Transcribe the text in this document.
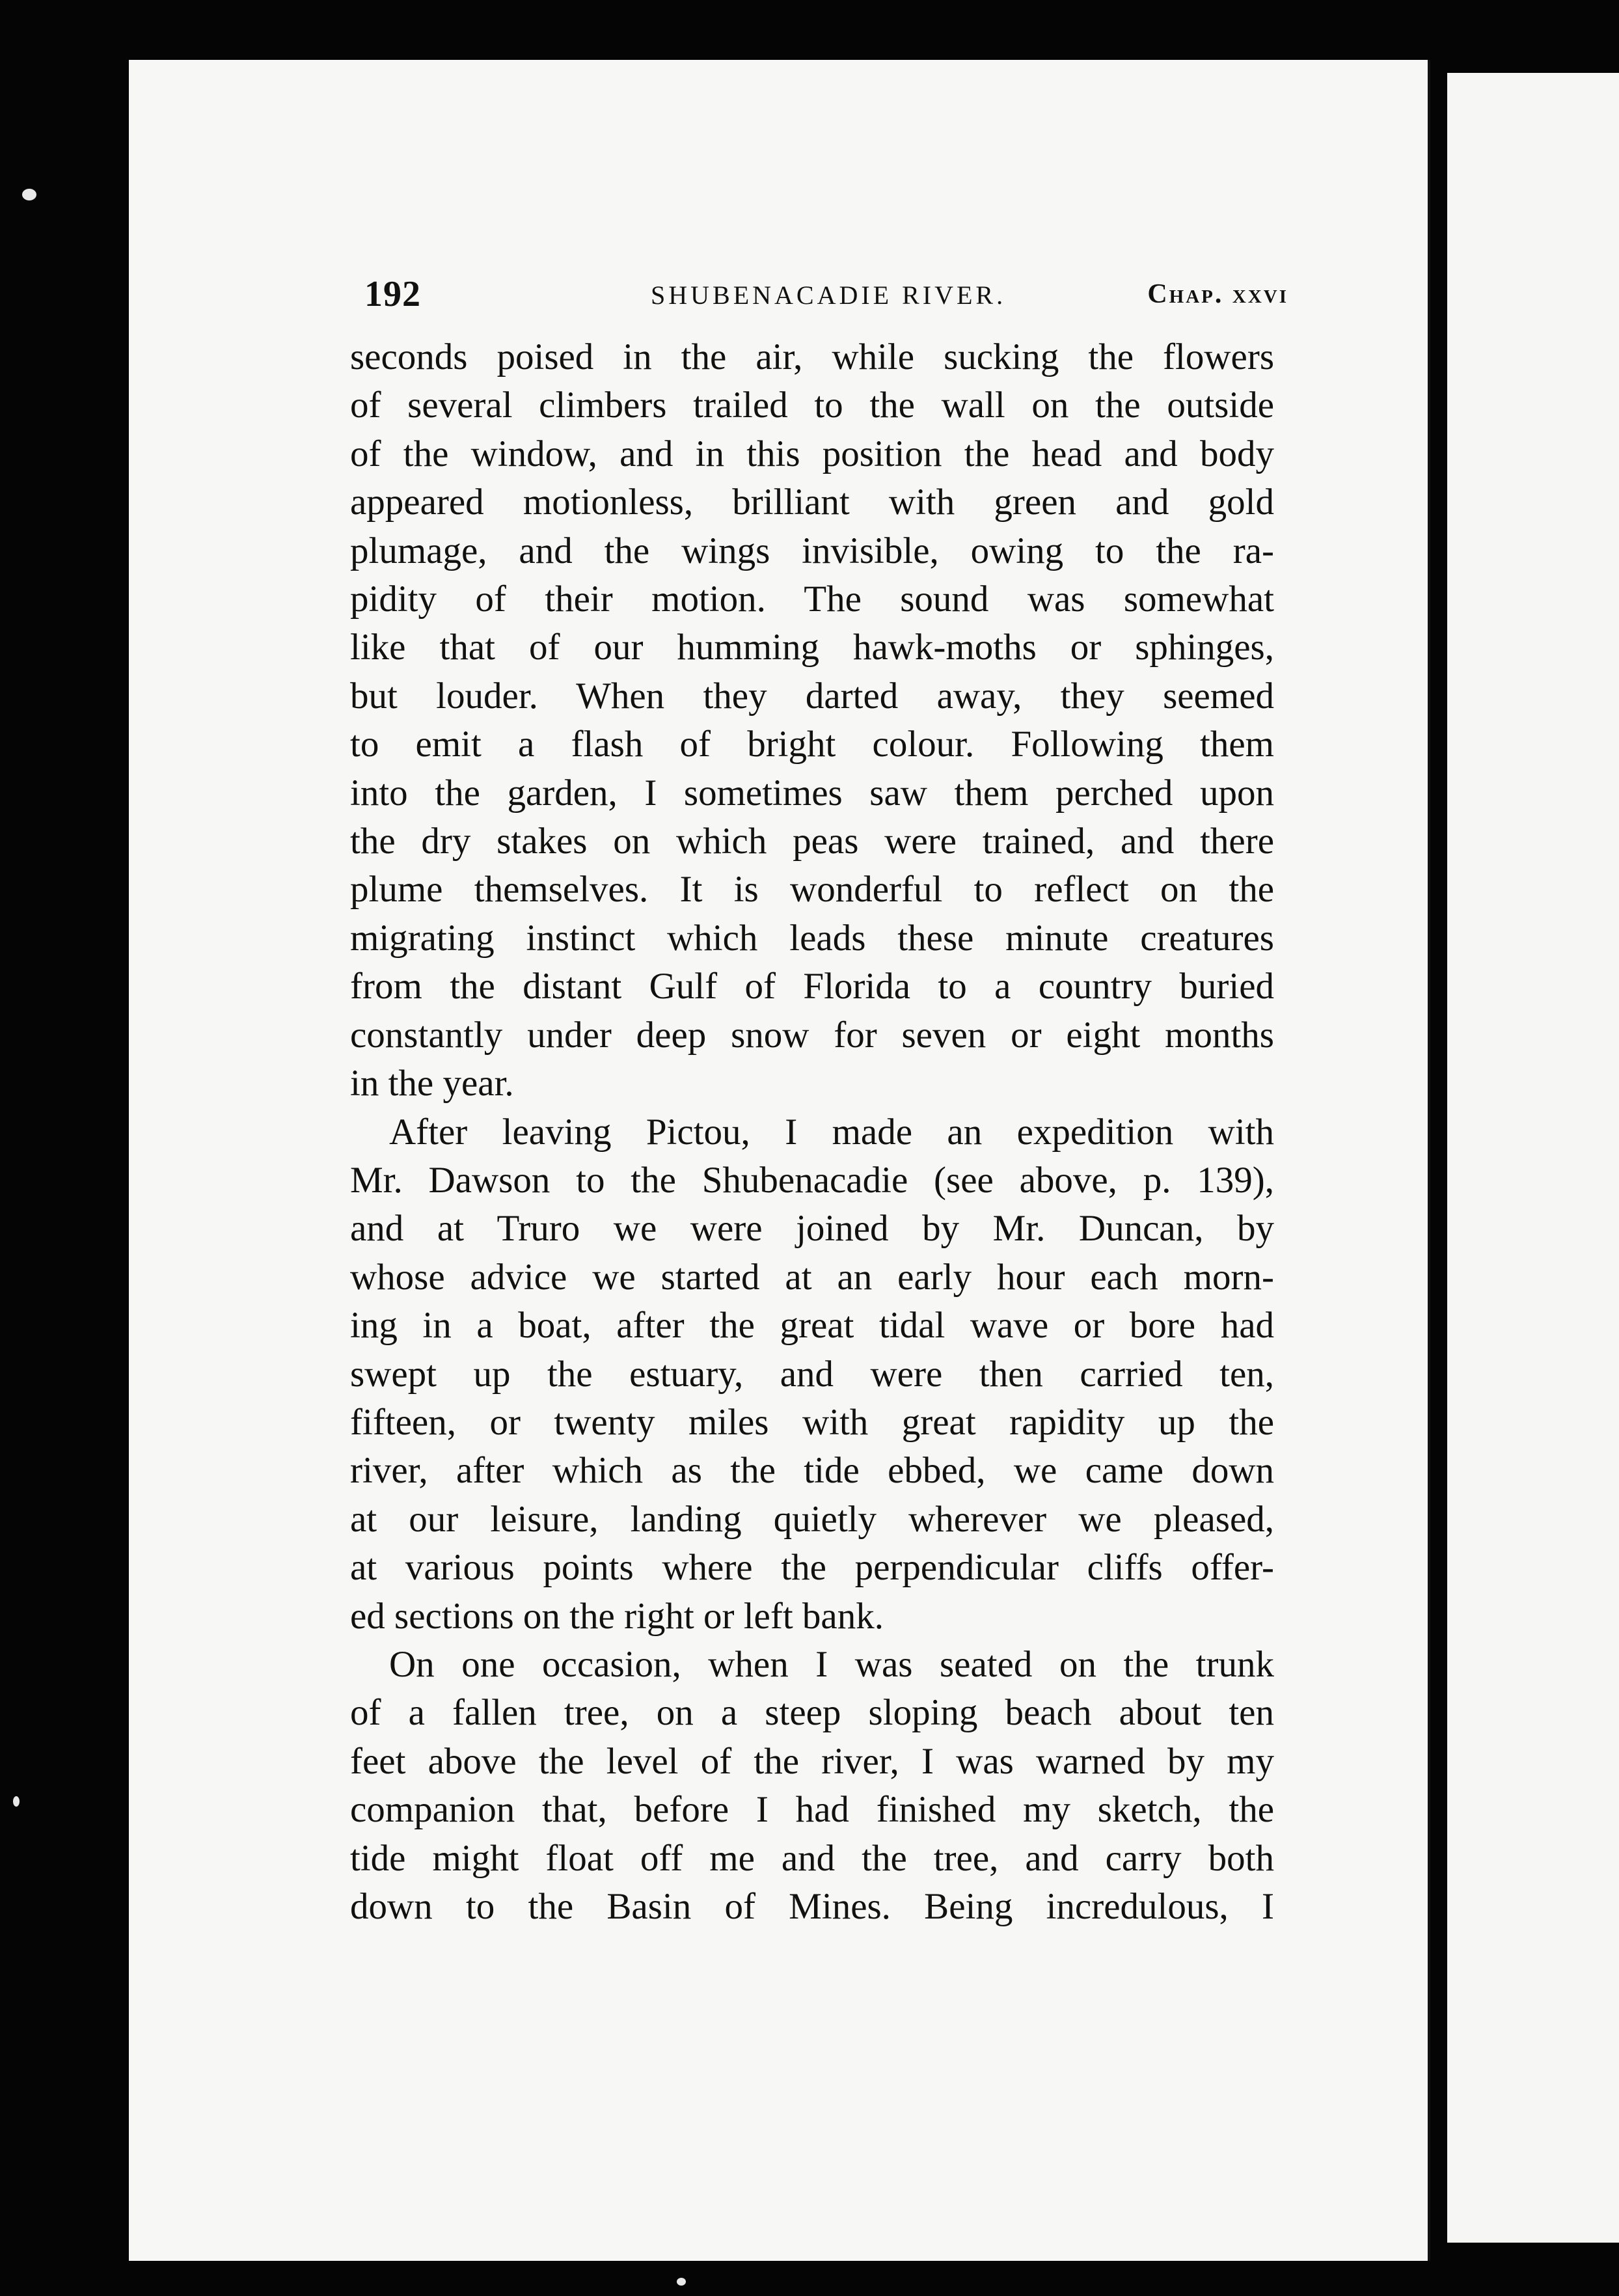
192	SHUBENACADIE RIVER.	Chap. xxvi
seconds poised in the air, while sucking the flowers
of several climbers trailed to the wall on the outside
of the window, and in this position the head and body
appeared motionless, brilliant with green and gold
plumage, and the wings invisible, owing to the ra-
pidity of their motion. The sound was somewhat
like that of our humming hawk-moths or sphinges,
but louder. When they darted away, they seemed
to emit a flash of bright colour. Following them
into the garden, I sometimes saw them perched upon
the dry stakes on which peas were trained, and there
plume themselves. It is wonderful to reflect on the
migrating instinct which leads these minute creatures
from the distant Gulf of Florida to a country buried
constantly under deep snow for seven or eight months
in the year.
After leaving Pictou, I made an expedition with
Mr. Dawson to the Shubenacadie (see above, p. 139),
and at Truro we were joined by Mr. Duncan, by
whose advice we started at an early hour each morn-
ing in a boat, after the great tidal wave or bore had
swept up the estuary, and were then carried ten,
fifteen, or twenty miles with great rapidity up the
river, after which as the tide ebbed, we came down
at our leisure, landing quietly wherever we pleased,
at various points where the perpendicular cliffs offer-
ed sections on the right or left bank.
On one occasion, when I was seated on the trunk
of a fallen tree, on a steep sloping beach about ten
feet above the level of the river, I was warned by my
companion that, before I had finished my sketch, the
tide might float off me and the tree, and carry both
down to the Basin of Mines. Being incredulous, I
